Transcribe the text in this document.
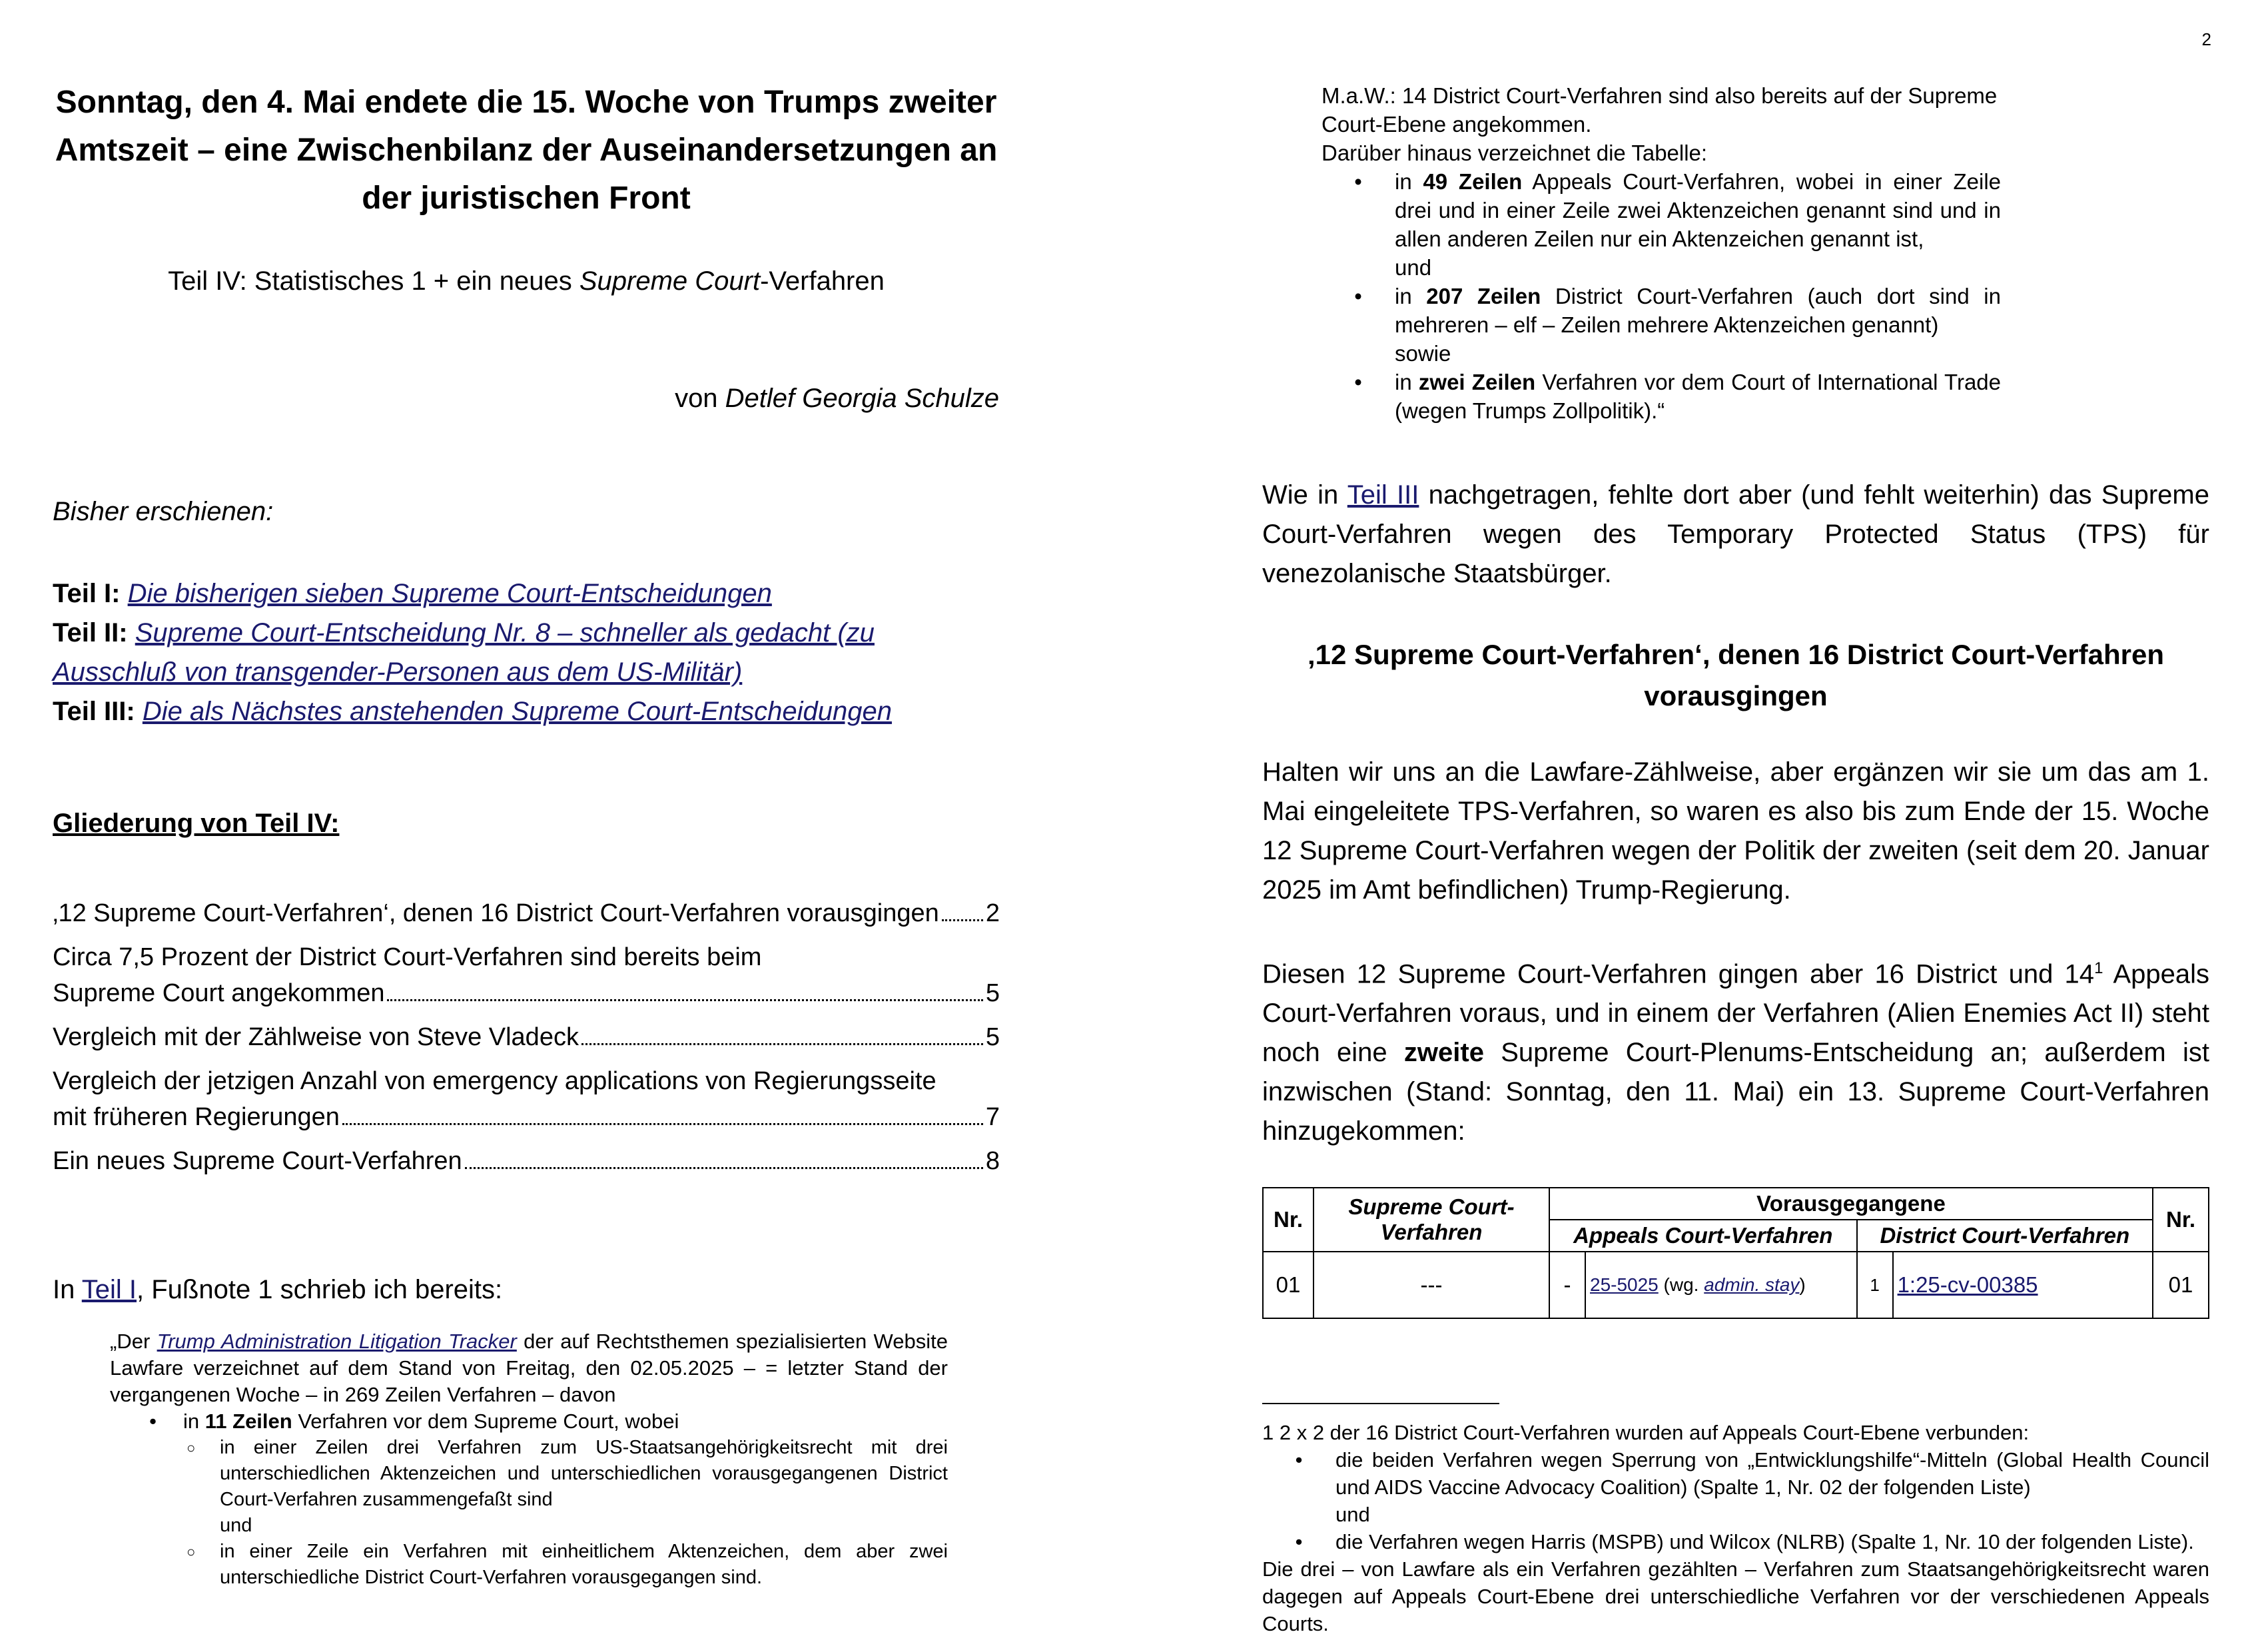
Sonntag, den 4. Mai endete die 15. Woche von Trumps zweiter Amtszeit – eine Zwischenbilanz der Auseinandersetzungen an der juristischen Front
Teil IV: Statistisches 1 + ein neues Supreme Court-Verfahren
von Detlef Georgia Schulze
Bisher erschienen:
Teil I: Die bisherigen sieben Supreme Court-Entscheidungen
Teil II: Supreme Court-Entscheidung Nr. 8 – schneller als gedacht (zu Ausschluß von transgender-Personen aus dem US-Militär)
Teil III: Die als Nächstes anstehenden Supreme Court-Entscheidungen
Gliederung von Teil IV:
‚12 Supreme Court-Verfahren‘, denen 16 District Court-Verfahren vorausgingen 2
Circa 7,5 Prozent der District Court-Verfahren sind bereits beim
Supreme Court angekommen	5
Vergleich mit der Zählweise von Steve Vladeck	5
Vergleich der jetzigen Anzahl von emergency applications von Regierungsseite
mit früheren Regierungen	7
Ein neues Supreme Court-Verfahren	8
In Teil I, Fußnote 1 schrieb ich bereits:
„Der Trump Administration Litigation Tracker der auf Rechtsthemen spezialisierten Website Lawfare verzeichnet auf dem Stand von Freitag, den 02.05.2025 – = letzter Stand der vergangenen Woche – in 269 Zeilen Verfahren – davon
•	in 11 Zeilen Verfahren vor dem Supreme Court, wobei
○	in einer Zeilen drei Verfahren zum US-Staatsangehörigkeitsrecht mit drei unterschiedlichen Aktenzeichen und unterschiedlichen vorausgegangenen District Court-Verfahren zusammengefaßt sind
und
○	in einer Zeile ein Verfahren mit einheitlichem Aktenzeichen, dem aber zwei unterschiedliche District Court-Verfahren vorausgegangen sind.
2
M.a.W.: 14 District Court-Verfahren sind also bereits auf der Supreme Court-Ebene angekommen.
Darüber hinaus verzeichnet die Tabelle:
•	in 49 Zeilen Appeals Court-Verfahren, wobei in einer Zeile drei und in einer Zeile zwei Aktenzeichen genannt sind und in allen anderen Zeilen nur ein Aktenzeichen genannt ist,
und
•	in 207 Zeilen District Court-Verfahren (auch dort sind in mehreren – elf – Zeilen mehrere Aktenzeichen genannt)
sowie
•	in zwei Zeilen Verfahren vor dem Court of International Trade (wegen Trumps Zollpolitik).“
Wie in Teil III nachgetragen, fehlte dort aber (und fehlt weiterhin) das Supreme Court-Verfahren wegen des Temporary Protected Status (TPS) für venezolanische Staatsbürger.
‚12 Supreme Court-Verfahren‘, denen 16 District Court-Verfahren vorausgingen
Halten wir uns an die Lawfare-Zählweise, aber ergänzen wir sie um das am 1. Mai eingeleitete TPS-Verfahren, so waren es also bis zum Ende der 15. Woche 12 Supreme Court-Verfahren wegen der Politik der zweiten (seit dem 20. Januar 2025 im Amt befindlichen) Trump-Regierung.
Diesen 12 Supreme Court-Verfahren gingen aber 16 District und $14^1$ Appeals Court-Verfahren voraus, und in einem der Verfahren (Alien Enemies Act II) steht noch eine zweite Supreme Court-Plenums-Entscheidung an; außerdem ist inzwischen (Stand: Sonntag, den 11. Mai) ein 13. Supreme Court-Verfahren hinzugekommen:
Nr.	Supreme Court-Verfahren	Vorausgegangene				Nr.
		Appeals Court-Verfahren		District Court-Verfahren		
01	---	-	25-5025 (wg. admin. stay)	1	1:25-cv-00385	01
1 2 x 2 der 16 District Court-Verfahren wurden auf Appeals Court-Ebene verbunden:
•	die beiden Verfahren wegen Sperrung von „Entwicklungshilfe“-Mitteln (Global Health Council und AIDS Vaccine Advocacy Coalition) (Spalte 1, Nr. 02 der folgenden Liste)
und
•	die Verfahren wegen Harris (MSPB) und Wilcox (NLRB) (Spalte 1, Nr. 10 der folgenden Liste).
Die drei – von Lawfare als ein Verfahren gezählten – Verfahren zum Staatsangehörigkeitsrecht waren dagegen auf Appeals Court-Ebene drei unterschiedliche Verfahren vor der verschiedenen Appeals Courts.
